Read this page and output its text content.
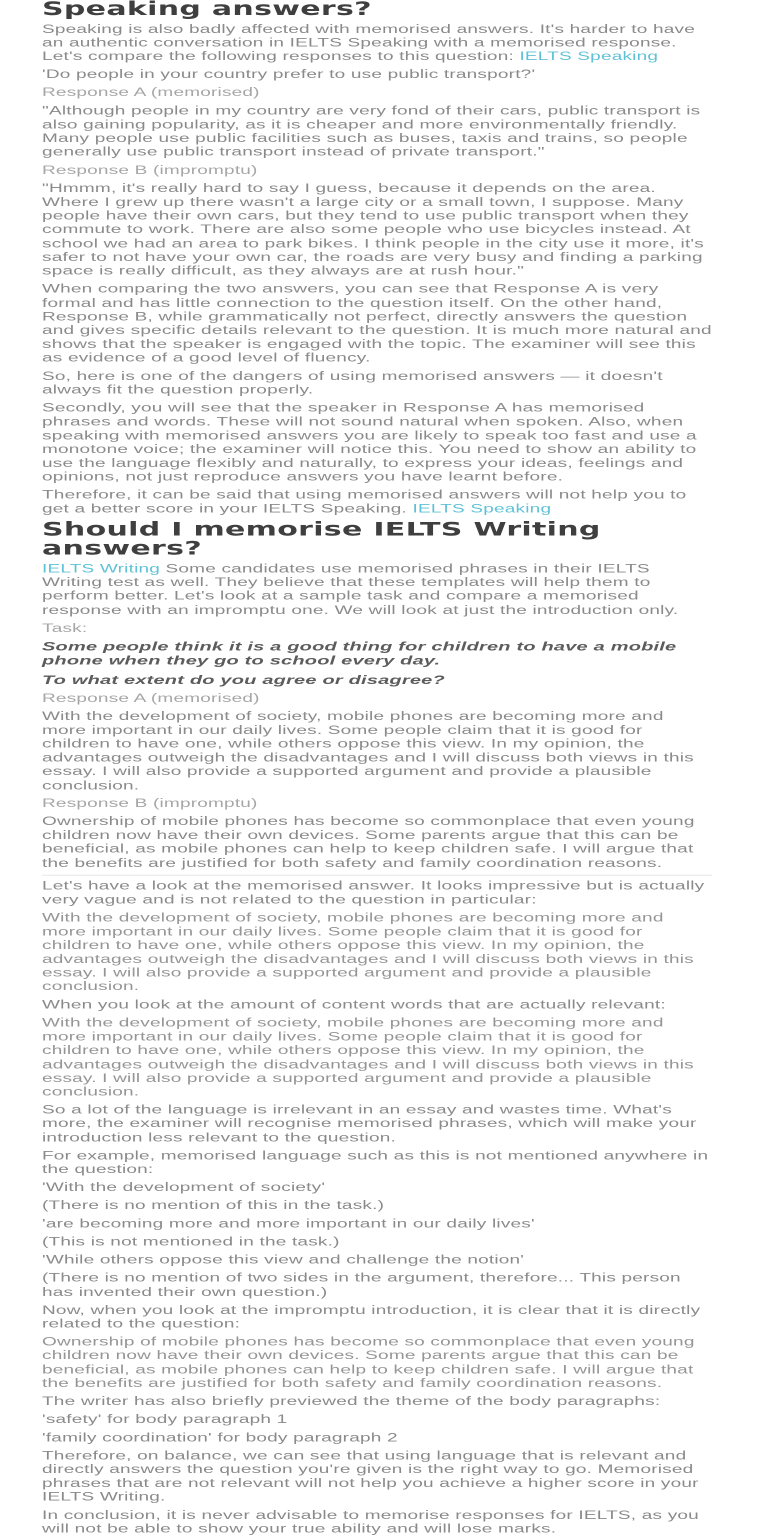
Speaking answers?

Speaking is also badly affected with memorised answers. It's harder to have an authentic conversation in IELTS Speaking with a memorised response. Let's compare the following responses to this question: IELTS Speaking

'Do people in your country prefer to use public transport?'

Response A (memorised)

"Although people in my country are very fond of their cars, public transport is also gaining popularity, as it is cheaper and more environmentally friendly. Many people use public facilities such as buses, taxis and trains, so people generally use public transport instead of private transport."

Response B (impromptu)

"Hmmm, it's really hard to say I guess, because it depends on the area. Where I grew up there wasn't a large city or a small town, I suppose. Many people have their own cars, but they tend to use public transport when they commute to work. There are also some people who use bicycles instead. At school we had an area to park bikes. I think people in the city use it more, it's safer to not have your own car, the roads are very busy and finding a parking space is really difficult, as they always are at rush hour."

When comparing the two answers, you can see that Response A is very formal and has little connection to the question itself. On the other hand, Response B, while grammatically not perfect, directly answers the question and gives specific details relevant to the question. It is much more natural and shows that the speaker is engaged with the topic. The examiner will see this as evidence of a good level of fluency.

So, here is one of the dangers of using memorised answers — it doesn't always fit the question properly.

Secondly, you will see that the speaker in Response A has memorised phrases and words. These will not sound natural when spoken. Also, when speaking with memorised answers you are likely to speak too fast and use a monotone voice; the examiner will notice this. You need to show an ability to use the language flexibly and naturally, to express your ideas, feelings and opinions, not just reproduce answers you have learnt before.

Therefore, it can be said that using memorised answers will not help you to get a better score in your IELTS Speaking. IELTS Speaking

Should I memorise IELTS Writing answers?

IELTS Writing Some candidates use memorised phrases in their IELTS Writing test as well. They believe that these templates will help them to perform better. Let's look at a sample task and compare a memorised response with an impromptu one. We will look at just the introduction only.

Task:

Some people think it is a good thing for children to have a mobile phone when they go to school every day.

To what extent do you agree or disagree?

Response A (memorised)

With the development of society, mobile phones are becoming more and more important in our daily lives. Some people claim that it is good for children to have one, while others oppose this view. In my opinion, the advantages outweigh the disadvantages and I will discuss both views in this essay. I will also provide a supported argument and provide a plausible conclusion.

Response B (impromptu)

Ownership of mobile phones has become so commonplace that even young children now have their own devices. Some parents argue that this can be beneficial, as mobile phones can help to keep children safe. I will argue that the benefits are justified for both safety and family coordination reasons.

Let's have a look at the memorised answer. It looks impressive but is actually very vague and is not related to the question in particular:

With the development of society, mobile phones are becoming more and more important in our daily lives. Some people claim that it is good for children to have one, while others oppose this view. In my opinion, the advantages outweigh the disadvantages and I will discuss both views in this essay. I will also provide a supported argument and provide a plausible conclusion.

When you look at the amount of content words that are actually relevant:

With the development of society, mobile phones are becoming more and more important in our daily lives. Some people claim that it is good for children to have one, while others oppose this view. In my opinion, the advantages outweigh the disadvantages and I will discuss both views in this essay. I will also provide a supported argument and provide a plausible conclusion.

So a lot of the language is irrelevant in an essay and wastes time. What's more, the examiner will recognise memorised phrases, which will make your introduction less relevant to the question.

For example, memorised language such as this is not mentioned anywhere in the question:

'With the development of society'

(There is no mention of this in the task.)

'are becoming more and more important in our daily lives'

(This is not mentioned in the task.)

'While others oppose this view and challenge the notion'

(There is no mention of two sides in the argument, therefore... This person has invented their own question.)

Now, when you look at the impromptu introduction, it is clear that it is directly related to the question:

Ownership of mobile phones has become so commonplace that even young children now have their own devices. Some parents argue that this can be beneficial, as mobile phones can help to keep children safe. I will argue that the benefits are justified for both safety and family coordination reasons.

The writer has also briefly previewed the theme of the body paragraphs:

'safety' for body paragraph 1

'family coordination' for body paragraph 2

Therefore, on balance, we can see that using language that is relevant and directly answers the question you're given is the right way to go. Memorised phrases that are not relevant will not help you achieve a higher score in your IELTS Writing.

In conclusion, it is never advisable to memorise responses for IELTS, as you will not be able to show your true ability and will lose marks.
